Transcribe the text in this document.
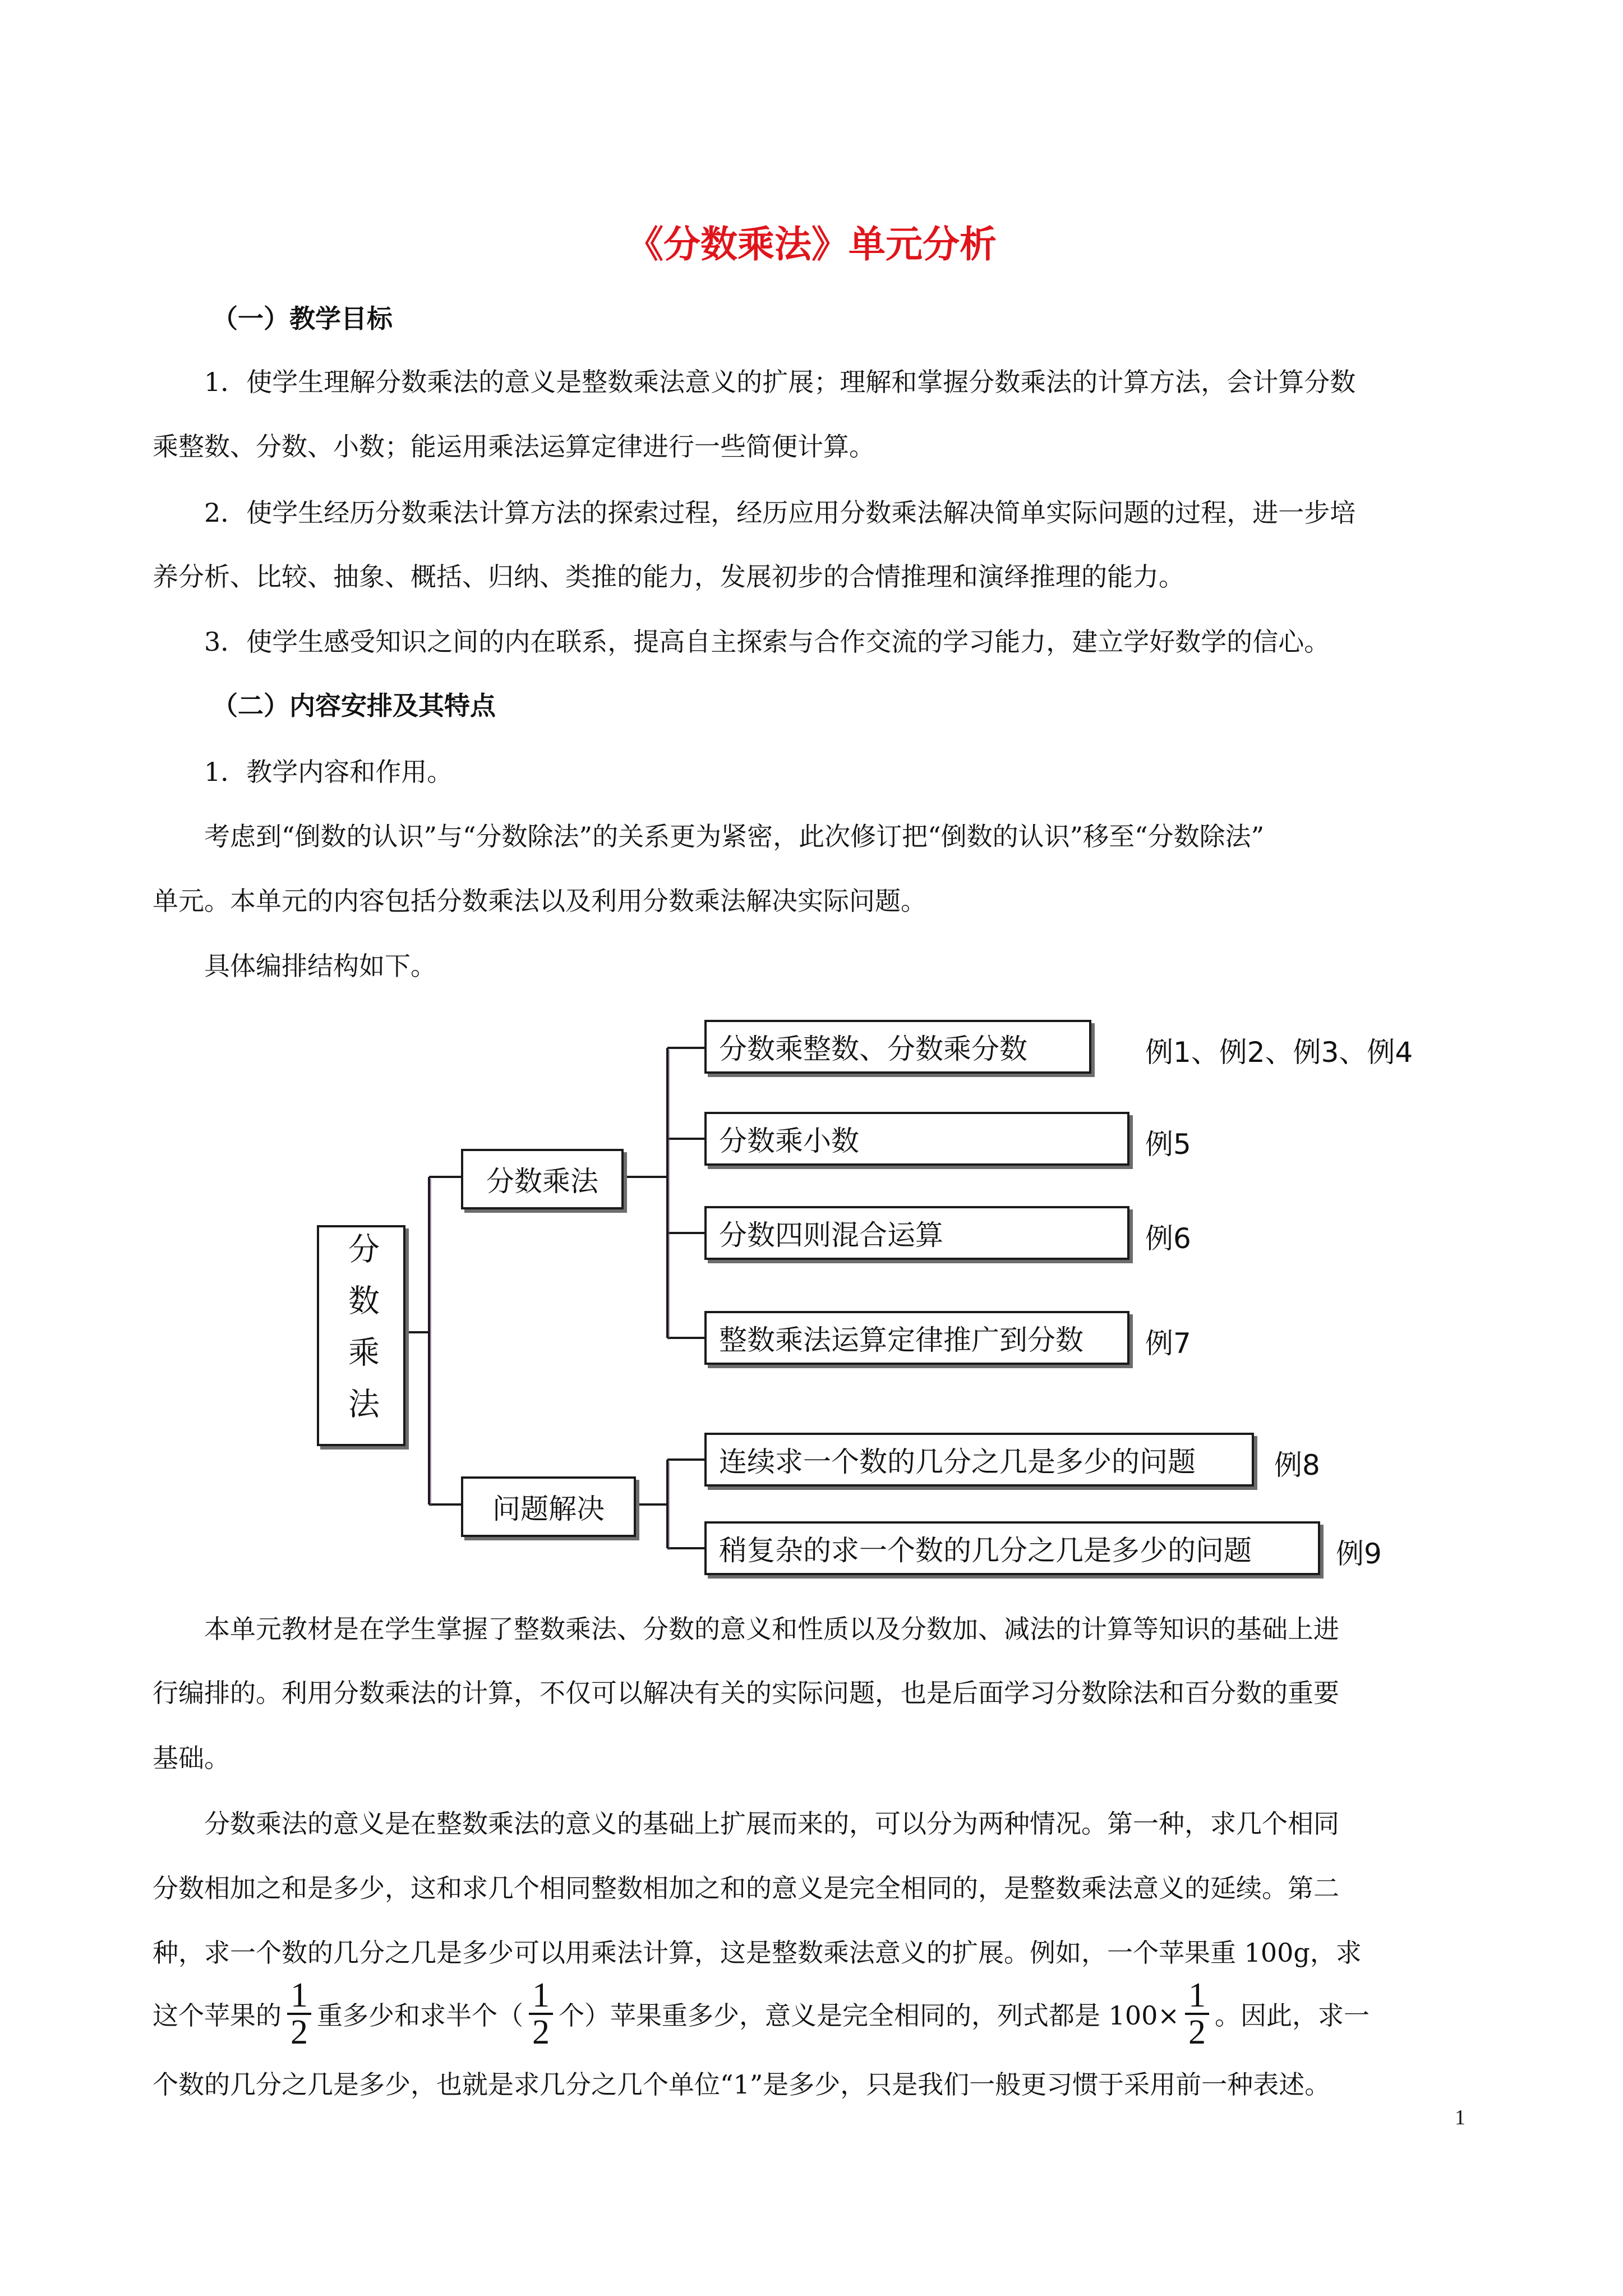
《分数乘法》单元分析
（一）教学目标
1．使学生理解分数乘法的意义是整数乘法意义的扩展；理解和掌握分数乘法的计算方法，会计算分数
乘整数、分数、小数；能运用乘法运算定律进行一些简便计算。
2．使学生经历分数乘法计算方法的探索过程，经历应用分数乘法解决简单实际问题的过程，进一步培
养分析、比较、抽象、概括、归纳、类推的能力，发展初步的合情推理和演绎推理的能力。
3．使学生感受知识之间的内在联系，提高自主探索与合作交流的学习能力，建立学好数学的信心。
（二）内容安排及其特点
1．教学内容和作用。
考虑到“倒数的认识”与“分数除法”的关系更为紧密，此次修订把“倒数的认识”移至“分数除法”
单元。本单元的内容包括分数乘法以及利用分数乘法解决实际问题。
具体编排结构如下。
分数乘法
分数乘法
问题解决
分数乘整数、分数乘分数	例1、例2、例3、例4
分数乘小数	例5
分数四则混合运算	例6
整数乘法运算定律推广到分数 例7
连续求一个数的几分之几是多少的问题	例8
稍复杂的求一个数的几分之几是多少的问题	例9
本单元教材是在学生掌握了整数乘法、分数的意义和性质以及分数加、减法的计算等知识的基础上进
行编排的。利用分数乘法的计算，不仅可以解决有关的实际问题，也是后面学习分数除法和百分数的重要
基础。
分数乘法的意义是在整数乘法的意义的基础上扩展而来的，可以分为两种情况。第一种，求几个相同
分数相加之和是多少，这和求几个相同整数相加之和的意义是完全相同的，是整数乘法意义的延续。第二
种，求一个数的几分之几是多少可以用乘法计算，这是整数乘法意义的扩展。例如，一个苹果重 100g，求
这个苹果的 $\frac{1}{2}$ 重多少和求半个（ $\frac{1}{2}$ 个）苹果重多少，意义是完全相同的，列式都是 $100\times \frac{1}{2}$ 。因此，求一
个数的几分之几是多少，也就是求几分之几个单位“1”是多少，只是我们一般更习惯于采用前一种表述。
1
